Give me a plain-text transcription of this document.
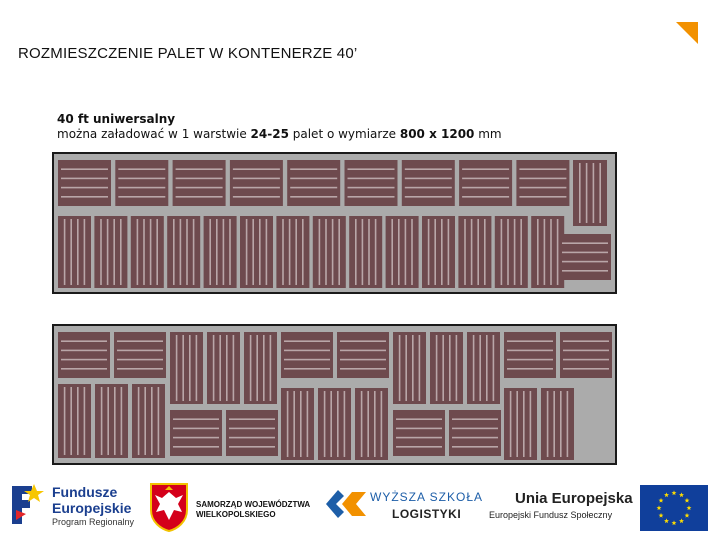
ROZMIESZCZENIE PALET W KONTENERZE 40’
40 ft uniwersalny
można załadować w 1 warstwie 24-25 palet o wymiarze 800 x 1200 mm
Fundusze
Europejskie
Program Regionalny
SAMORZĄD WOJEWÓDZTWA
WIELKOPOLSKIEGO
WYŻSZA SZKOŁA
LOGISTYKI
Unia Europejska
Europejski Fundusz Społeczny
